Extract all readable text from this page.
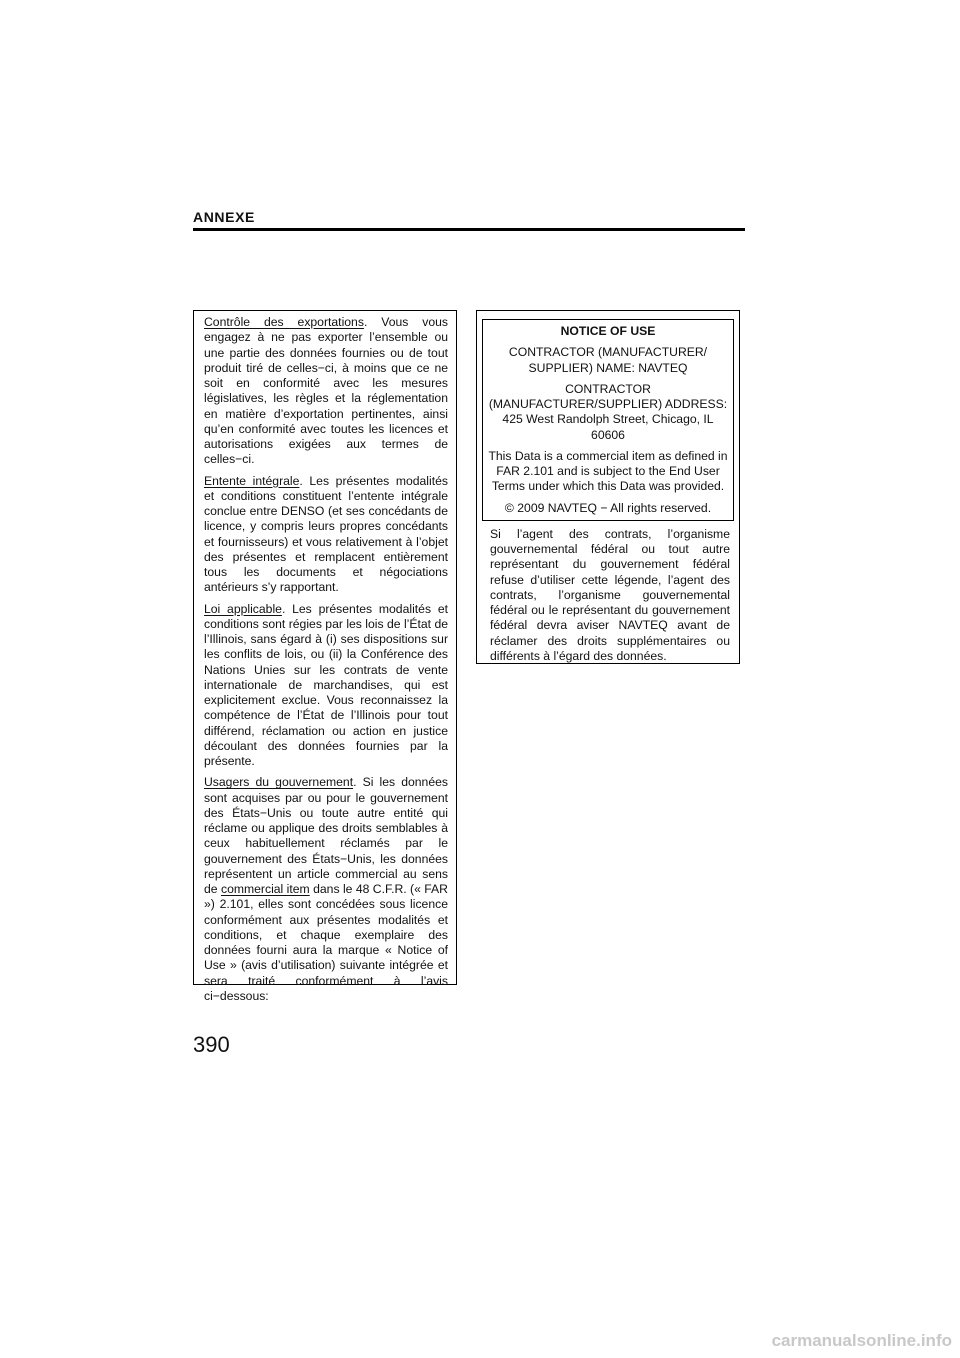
ANNEXE

Contrôle des exportations. Vous vous engagez à ne pas exporter l’ensemble ou une partie des données fournies ou de tout produit tiré de celles−ci, à moins que ce ne soit en conformité avec les mesures législatives, les règles et la réglementation en matière d’exportation pertinentes, ainsi qu’en conformité avec toutes les licences et autorisations exigées aux termes de celles−ci.

Entente intégrale. Les présentes modalités et conditions constituent l’entente intégrale conclue entre DENSO (et ses concédants de licence, y compris leurs propres concédants et fournisseurs) et vous relativement à l’objet des présentes et remplacent entièrement tous les documents et négociations antérieurs s’y rapportant.

Loi applicable. Les présentes modalités et conditions sont régies par les lois de l’État de l’Illinois, sans égard à (i) ses dispositions sur les conflits de lois, ou (ii) la Conférence des Nations Unies sur les contrats de vente internationale de marchandises, qui est explicitement exclue. Vous reconnaissez la compétence de l’État de l’Illinois pour tout différend, réclamation ou action en justice découlant des données fournies par la présente.

Usagers du gouvernement. Si les données sont acquises par ou pour le gouvernement des États−Unis ou toute autre entité qui réclame ou applique des droits semblables à ceux habituellement réclamés par le gouvernement des États−Unis, les données représentent un article commercial au sens de commercial item dans le 48 C.F.R. (« FAR ») 2.101, elles sont concédées sous licence conformément aux présentes modalités et conditions, et chaque exemplaire des données fourni aura la marque « Notice of Use » (avis d’utilisation) suivante intégrée et sera traité conformément à l’avis ci−dessous:

NOTICE OF USE
CONTRACTOR (MANUFACTURER/ SUPPLIER) NAME: NAVTEQ
CONTRACTOR (MANUFACTURER/SUPPLIER) ADDRESS: 425 West Randolph Street, Chicago, IL 60606
This Data is a commercial item as defined in FAR 2.101 and is subject to the End User Terms under which this Data was provided.
© 2009 NAVTEQ − All rights reserved.

Si l’agent des contrats, l’organisme gouvernemental fédéral ou tout autre représentant du gouvernement fédéral refuse d’utiliser cette légende, l’agent des contrats, l’organisme gouvernemental fédéral ou le représentant du gouvernement fédéral devra aviser NAVTEQ avant de réclamer des droits supplémentaires ou différents à l’égard des données.

390
carmanualsonline.info
